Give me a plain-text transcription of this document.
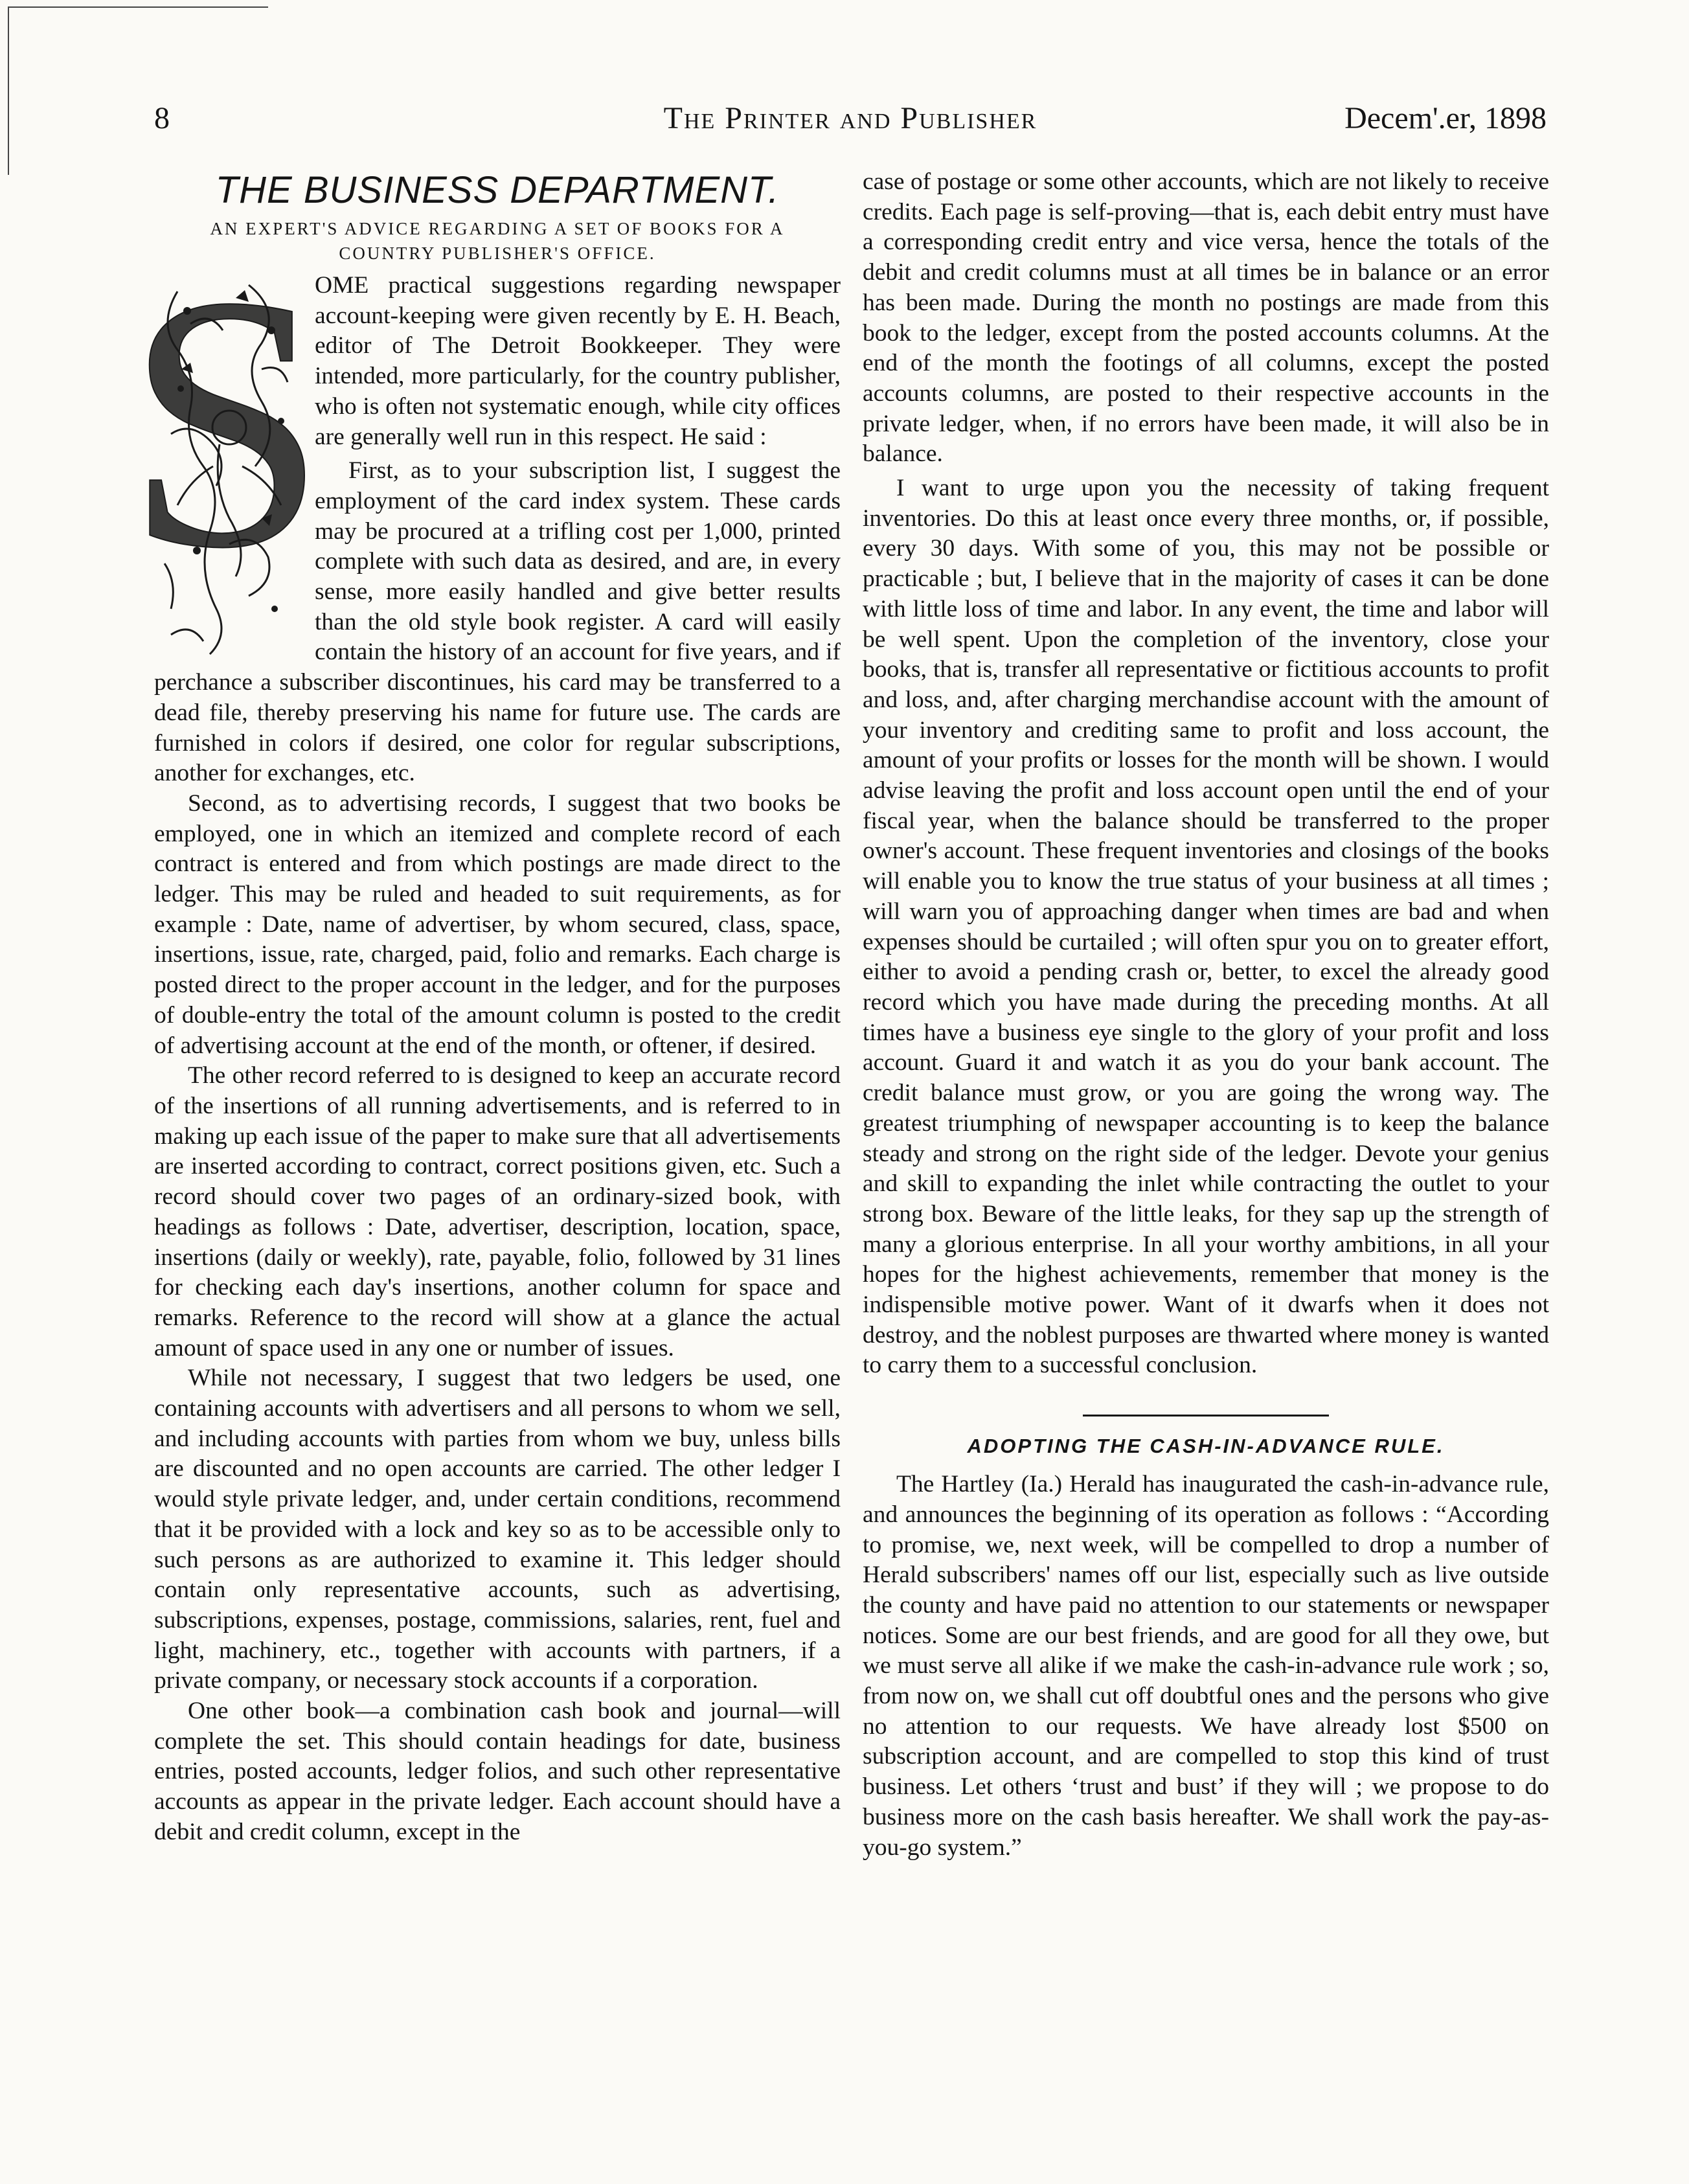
8	The Printer and Publisher	Decem'.er, 1898
THE BUSINESS DEPARTMENT.
AN EXPERT'S ADVICE REGARDING A SET OF BOOKS FOR A COUNTRY PUBLISHER'S OFFICE.
S

OME practical suggestions regarding newspaper account-keeping were given recently by E. H. Beach, editor of The Detroit Bookkeeper. They were intended, more particularly, for the country publisher, who is often not systematic enough, while city offices are generally well run in this respect. He said :

First, as to your subscription list, I suggest the employment of the card index system. These cards may be procured at a trifling cost per 1,000, printed complete with such data as desired, and are, in every sense, more easily handled and give better results than the old style book register. A card will easily contain the history of an account for five years, and if perchance a subscriber discontinues, his card may be transferred to a dead file, thereby preserving his name for future use. The cards are furnished in colors if desired, one color for regular subscriptions, another for exchanges, etc.

Second, as to advertising records, I suggest that two books be employed, one in which an itemized and complete record of each contract is entered and from which postings are made direct to the ledger. This may be ruled and headed to suit requirements, as for example : Date, name of advertiser, by whom secured, class, space, insertions, issue, rate, charged, paid, folio and remarks. Each charge is posted direct to the proper account in the ledger, and for the purposes of double-entry the total of the amount column is posted to the credit of advertising account at the end of the month, or oftener, if desired.

The other record referred to is designed to keep an accurate record of the insertions of all running advertisements, and is referred to in making up each issue of the paper to make sure that all advertisements are inserted according to contract, correct positions given, etc. Such a record should cover two pages of an ordinary-sized book, with headings as follows : Date, advertiser, description, location, space, insertions (daily or weekly), rate, payable, folio, followed by 31 lines for checking each day's insertions, another column for space and remarks. Reference to the record will show at a glance the actual amount of space used in any one or number of issues.

While not necessary, I suggest that two ledgers be used, one containing accounts with advertisers and all persons to whom we sell, and including accounts with parties from whom we buy, unless bills are discounted and no open accounts are carried. The other ledger I would style private ledger, and, under certain conditions, recommend that it be provided with a lock and key so as to be accessible only to such persons as are authorized to examine it. This ledger should contain only representative accounts, such as advertising, subscriptions, expenses, postage, commissions, salaries, rent, fuel and light, machinery, etc., together with accounts with partners, if a private company, or necessary stock accounts if a corporation.

One other book—a combination cash book and journal—will complete the set. This should contain headings for date, business entries, posted accounts, ledger folios, and such other representative accounts as appear in the private ledger. Each account should have a debit and credit column, except in the

case of postage or some other accounts, which are not likely to receive credits. Each page is self-proving—that is, each debit entry must have a corresponding credit entry and vice versa, hence the totals of the debit and credit columns must at all times be in balance or an error has been made. During the month no postings are made from this book to the ledger, except from the posted accounts columns. At the end of the month the footings of all columns, except the posted accounts columns, are posted to their respective accounts in the private ledger, when, if no errors have been made, it will also be in balance.

I want to urge upon you the necessity of taking frequent inventories. Do this at least once every three months, or, if possible, every 30 days. With some of you, this may not be possible or practicable ; but, I believe that in the majority of cases it can be done with little loss of time and labor. In any event, the time and labor will be well spent. Upon the completion of the inventory, close your books, that is, transfer all representative or fictitious accounts to profit and loss, and, after charging merchandise account with the amount of your inventory and crediting same to profit and loss account, the amount of your profits or losses for the month will be shown. I would advise leaving the profit and loss account open until the end of your fiscal year, when the balance should be transferred to the proper owner's account. These frequent inventories and closings of the books will enable you to know the true status of your business at all times ; will warn you of approaching danger when times are bad and when expenses should be curtailed ; will often spur you on to greater effort, either to avoid a pending crash or, better, to excel the already good record which you have made during the preceding months. At all times have a business eye single to the glory of your profit and loss account. Guard it and watch it as you do your bank account. The credit balance must grow, or you are going the wrong way. The greatest triumphing of newspaper accounting is to keep the balance steady and strong on the right side of the ledger. Devote your genius and skill to expanding the inlet while contracting the outlet to your strong box. Beware of the little leaks, for they sap up the strength of many a glorious enterprise. In all your worthy ambitions, in all your hopes for the highest achievements, remember that money is the indispensible motive power. Want of it dwarfs when it does not destroy, and the noblest purposes are thwarted where money is wanted to carry them to a successful conclusion.

ADOPTING THE CASH-IN-ADVANCE RULE.

The Hartley (Ia.) Herald has inaugurated the cash-in-advance rule, and announces the beginning of its operation as follows : “According to promise, we, next week, will be compelled to drop a number of Herald subscribers' names off our list, especially such as live outside the county and have paid no attention to our statements or newspaper notices. Some are our best friends, and are good for all they owe, but we must serve all alike if we make the cash-in-advance rule work ; so, from now on, we shall cut off doubtful ones and the persons who give no attention to our requests. We have already lost $500 on subscription account, and are compelled to stop this kind of trust business. Let others ‘trust and bust’ if they will ; we propose to do business more on the cash basis hereafter. We shall work the pay-as-you-go system.”
